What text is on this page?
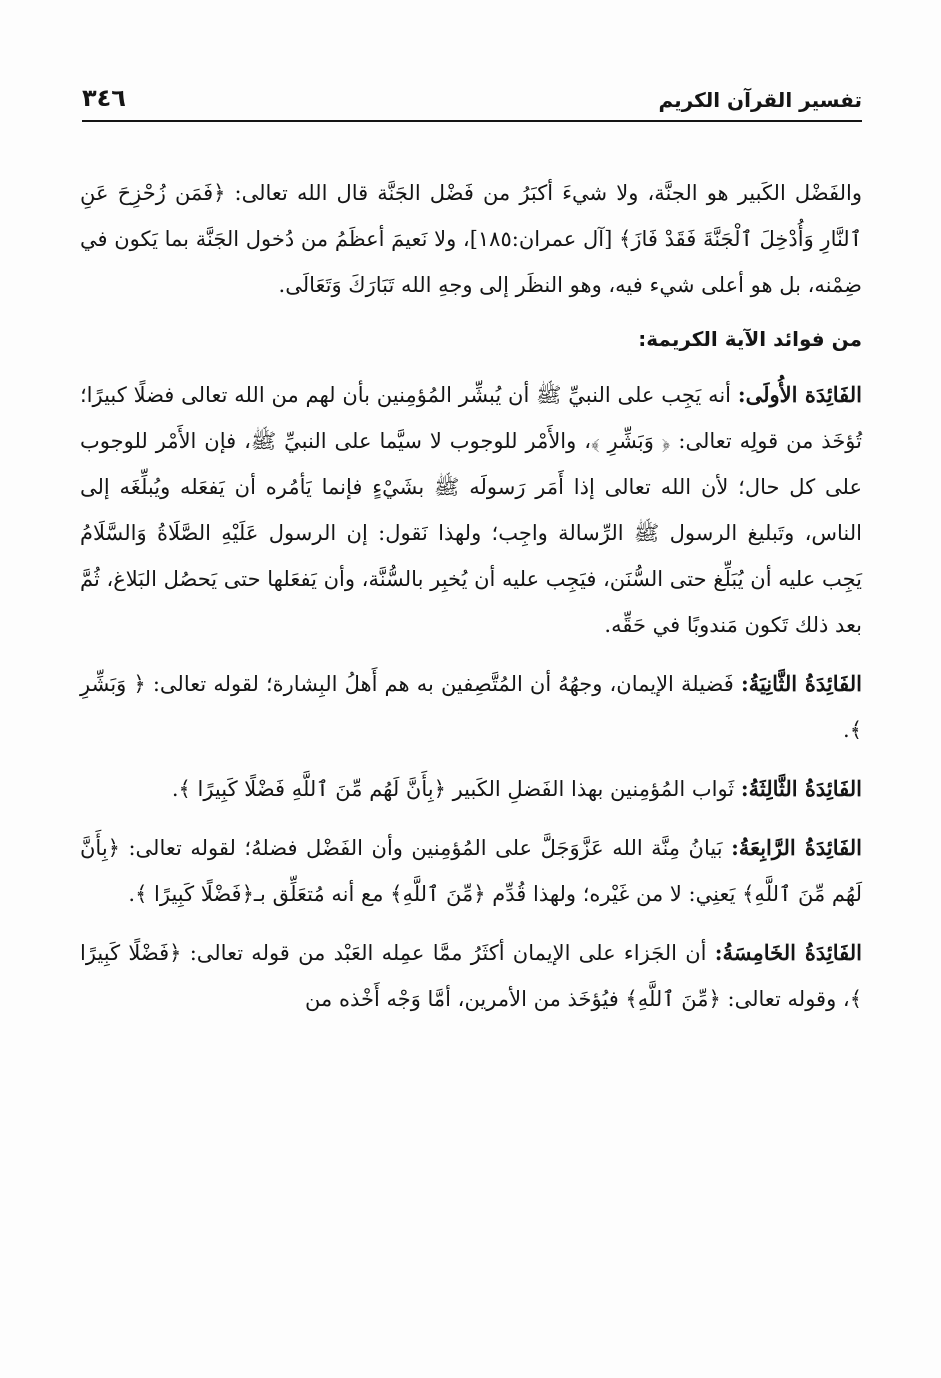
تفسير القرآن الكريم
٣٤٦

والفَضْل الكَبير هو الجنَّة، ولا شيءَ أكبَرُ من فَضْل الجَنَّة قال الله تعالى: ﴿فَمَن زُحْزِحَ عَنِ ٱلنَّارِ وَأُدْخِلَ ٱلْجَنَّةَ فَقَدْ فَازَ﴾ [آل عمران:١٨٥]، ولا نَعيمَ أعظَمُ من دُخول الجَنَّة بما يَكون في ضِمْنه، بل هو أعلى شيء فيه، وهو النظَر إلى وجهِ الله تَبَارَكَ وَتَعَالَى.

من فوائد الآية الكريمة:

الفَائِدَة الأُولَى: أنه يَجِب على النبيِّ ﷺ أن يُبشِّر المُؤمِنين بأن لهم من الله تعالى فضلًا كبيرًا؛ تُؤخَذ من قولِه تعالى: ﴿ وَبَشِّرِ ﴾، والأَمْر للوجوب لا سيَّما على النبيِّ ﷺ، فإن الأَمْر للوجوب على كل حال؛ لأن الله تعالى إذا أَمَر رَسولَه ﷺ بشَيْءٍ فإنما يَأمُره أن يَفعَله ويُبلِّغَه إلى الناس، وتَبليغ الرسول ﷺ الرِّسالة واجِب؛ ولهذا نَقول: إن الرسول عَلَيْهِ الصَّلَاةُ وَالسَّلَامُ يَجِب عليه أن يُبَلِّغ حتى السُّنَن، فيَجِب عليه أن يُخبِر بالسُّنَّة، وأن يَفعَلها حتى يَحصُل البَلاغ، ثُمَّ بعد ذلك تَكون مَندوبًا في حَقِّه.

الفَائِدَةُ الثَّانِيَةُ: فَضيلة الإيمان، وجهُهُ أن المُتَّصِفين به هم أَهلُ البِشارة؛ لقوله تعالى: ﴿ وَبَشِّرِ ﴾.

الفَائِدَةُ الثَّالِثَةُ: ثَواب المُؤمِنين بهذا الفَضلِ الكَبير ﴿بِأَنَّ لَهُم مِّنَ ٱللَّهِ فَضْلًا كَبِيرًا ﴾.

الفَائِدَةُ الرَّابِعَةُ: بَيانُ مِنَّة الله عَزَّوَجَلَّ على المُؤمِنين وأن الفَضْل فضلهُ؛ لقوله تعالى: ﴿بِأَنَّ لَهُم مِّنَ ٱللَّهِ﴾ يَعنِي: لا من غَيْره؛ ولهذا قُدِّم ﴿مِّنَ ٱللَّهِ﴾ مع أنه مُتعَلِّق بـ﴿فَضْلًا كَبِيرًا ﴾.

الفَائِدَةُ الخَامِسَةُ: أن الجَزاء على الإيمان أكثَرُ ممَّا عمِله العَبْد من قوله تعالى: ﴿فَضْلًا كَبِيرًا ﴾، وقوله تعالى: ﴿مِّنَ ٱللَّهِ﴾ فيُؤخَذ من الأمرين، أمَّا وَجْه أَخْذه من
